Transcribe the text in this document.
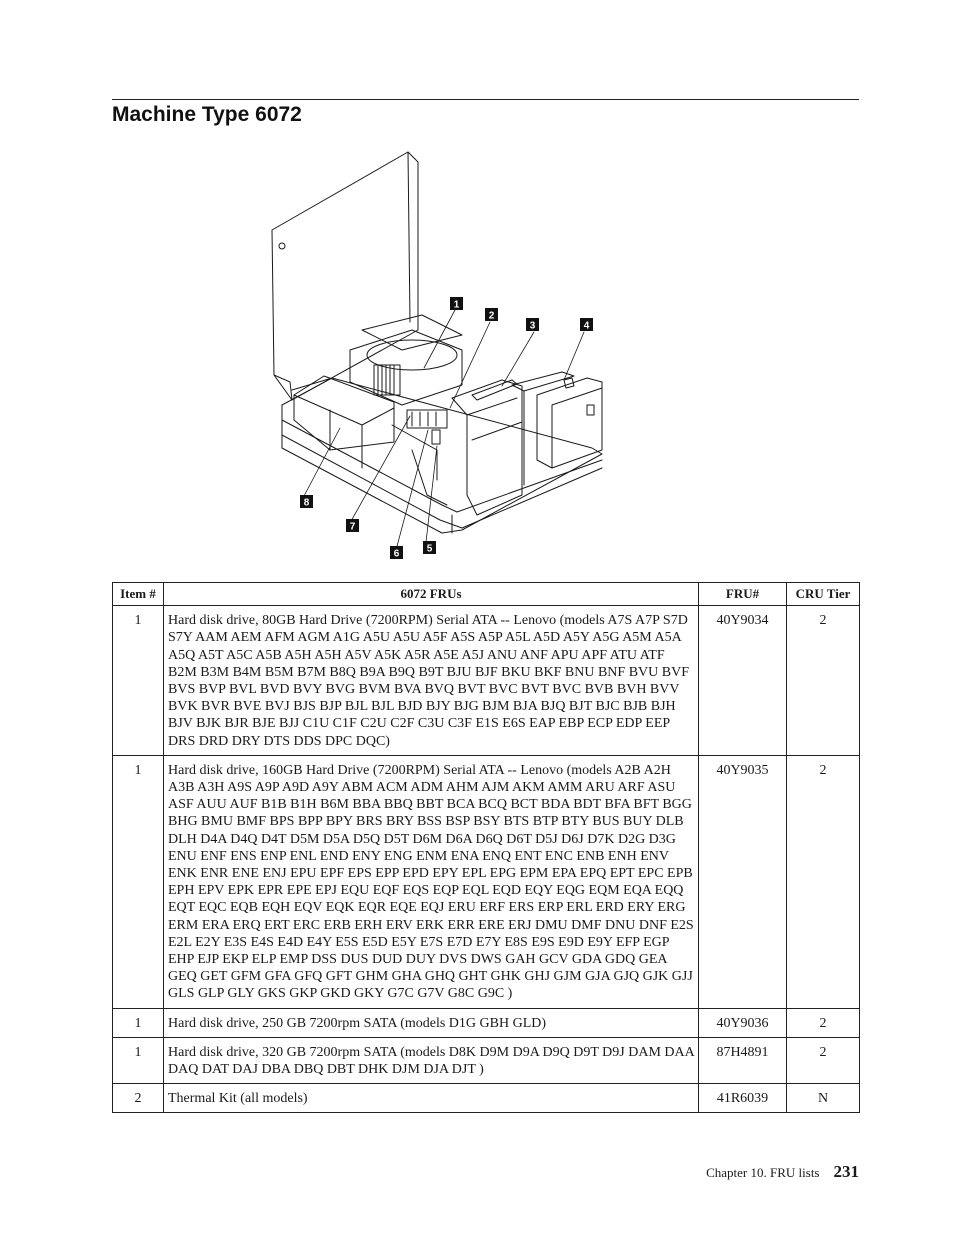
Machine Type 6072
1
2
3	4
5
6
7
8
Item #	6072 FRUs	FRU#	CRU Tier
1	Hard disk drive, 80GB Hard Drive (7200RPM) Serial ATA -- Lenovo (models A7S A7P S7D S7Y AAM AEM AFM AGM A1G A5U A5U A5F A5S A5P A5L A5D A5Y A5G A5M A5A A5Q A5T A5C A5B A5H A5H A5V A5K A5R A5E A5J ANU ANF APU APF ATU ATF B2M B3M B4M B5M B7M B8Q B9A B9Q B9T BJU BJF BKU BKF BNU BNF BVU BVF BVS BVP BVL BVD BVY BVG BVM BVA BVQ BVT BVC BVT BVC BVB BVH BVV BVK BVR BVE BVJ BJS BJP BJL BJL BJD BJY BJG BJM BJA BJQ BJT BJC BJB BJH BJV BJK BJR BJE BJJ C1U C1F C2U C2F C3U C3F E1S E6S EAP EBP ECP EDP EEP DRS DRD DRY DTS DDS DPC DQC)	40Y9034	2
1	Hard disk drive, 160GB Hard Drive (7200RPM) Serial ATA -- Lenovo (models A2B A2H A3B A3H A9S A9P A9D A9Y ABM ACM ADM AHM AJM AKM AMM ARU ARF ASU ASF AUU AUF B1B B1H B6M BBA BBQ BBT BCA BCQ BCT BDA BDT BFA BFT BGG BHG BMU BMF BPS BPP BPY BRS BRY BSS BSP BSY BTS BTP BTY BUS BUY DLB DLH D4A D4Q D4T D5M D5A D5Q D5T D6M D6A D6Q D6T D5J D6J D7K D2G D3G ENU ENF ENS ENP ENL END ENY ENG ENM ENA ENQ ENT ENC ENB ENH ENV ENK ENR ENE ENJ EPU EPF EPS EPP EPD EPY EPL EPG EPM EPA EPQ EPT EPC EPB EPH EPV EPK EPR EPE EPJ EQU EQF EQS EQP EQL EQD EQY EQG EQM EQA EQQ EQT EQC EQB EQH EQV EQK EQR EQE EQJ ERU ERF ERS ERP ERL ERD ERY ERG ERM ERA ERQ ERT ERC ERB ERH ERV ERK ERR ERE ERJ DMU DMF DNU DNF E2S E2L E2Y E3S E4S E4D E4Y E5S E5D E5Y E7S E7D E7Y E8S E9S E9D E9Y EFP EGP EHP EJP EKP ELP EMP DSS DUS DUD DUY DVS DWS GAH GCV GDA GDQ GEA GEQ GET GFM GFA GFQ GFT GHM GHA GHQ GHT GHK GHJ GJM GJA GJQ GJK GJJ GLS GLP GLY GKS GKP GKD GKY G7C G7V G8C G9C )	40Y9035	2
1	Hard disk drive, 250 GB 7200rpm SATA (models D1G GBH GLD)	40Y9036	2
1	Hard disk drive, 320 GB 7200rpm SATA (models D8K D9M D9A D9Q D9T D9J DAM DAA DAQ DAT DAJ DBA DBQ DBT DHK DJM DJA DJT )	87H4891	2
2	Thermal Kit (all models)	41R6039	N
Chapter 10. FRU lists 231
